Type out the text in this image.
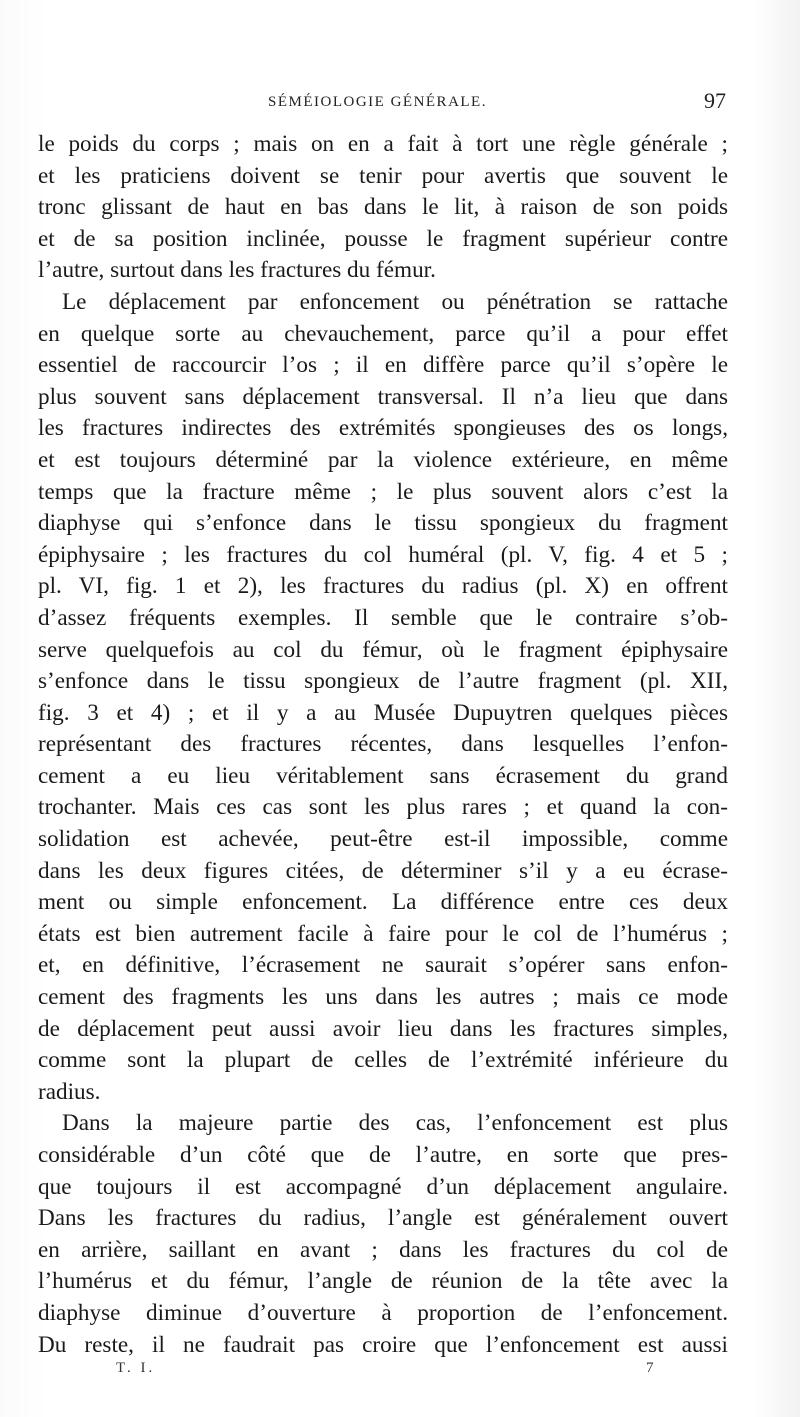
SÉMÉIOLOGIE GÉNÉRALE.	97
le poids du corps ; mais on en a fait à tort une règle générale ;
et les praticiens doivent se tenir pour avertis que souvent le
tronc glissant de haut en bas dans le lit, à raison de son poids
et de sa position inclinée, pousse le fragment supérieur contre
l’autre, surtout dans les fractures du fémur.
Le déplacement par enfoncement ou pénétration se rattache
en quelque sorte au chevauchement, parce qu’il a pour effet
essentiel de raccourcir l’os ; il en diffère parce qu’il s’opère le
plus souvent sans déplacement transversal. Il n’a lieu que dans
les fractures indirectes des extrémités spongieuses des os longs,
et est toujours déterminé par la violence extérieure, en même
temps que la fracture même ; le plus souvent alors c’est la
diaphyse qui s’enfonce dans le tissu spongieux du fragment
épiphysaire ; les fractures du col huméral (pl. V, fig. 4 et 5 ;
pl. VI, fig. 1 et 2), les fractures du radius (pl. X) en offrent
d’assez fréquents exemples. Il semble que le contraire s’ob-
serve quelquefois au col du fémur, où le fragment épiphysaire
s’enfonce dans le tissu spongieux de l’autre fragment (pl. XII,
fig. 3 et 4) ; et il y a au Musée Dupuytren quelques pièces
représentant des fractures récentes, dans lesquelles l’enfon-
cement a eu lieu véritablement sans écrasement du grand
trochanter. Mais ces cas sont les plus rares ; et quand la con-
solidation est achevée, peut-être est-il impossible, comme
dans les deux figures citées, de déterminer s’il y a eu écrase-
ment ou simple enfoncement. La différence entre ces deux
états est bien autrement facile à faire pour le col de l’humérus ;
et, en définitive, l’écrasement ne saurait s’opérer sans enfon-
cement des fragments les uns dans les autres ; mais ce mode
de déplacement peut aussi avoir lieu dans les fractures simples,
comme sont la plupart de celles de l’extrémité inférieure du
radius.
Dans la majeure partie des cas, l’enfoncement est plus
considérable d’un côté que de l’autre, en sorte que pres-
que toujours il est accompagné d’un déplacement angulaire.
Dans les fractures du radius, l’angle est généralement ouvert
en arrière, saillant en avant ; dans les fractures du col de
l’humérus et du fémur, l’angle de réunion de la tête avec la
diaphyse diminue d’ouverture à proportion de l’enfoncement.
Du reste, il ne faudrait pas croire que l’enfoncement est aussi
T. I.	7
